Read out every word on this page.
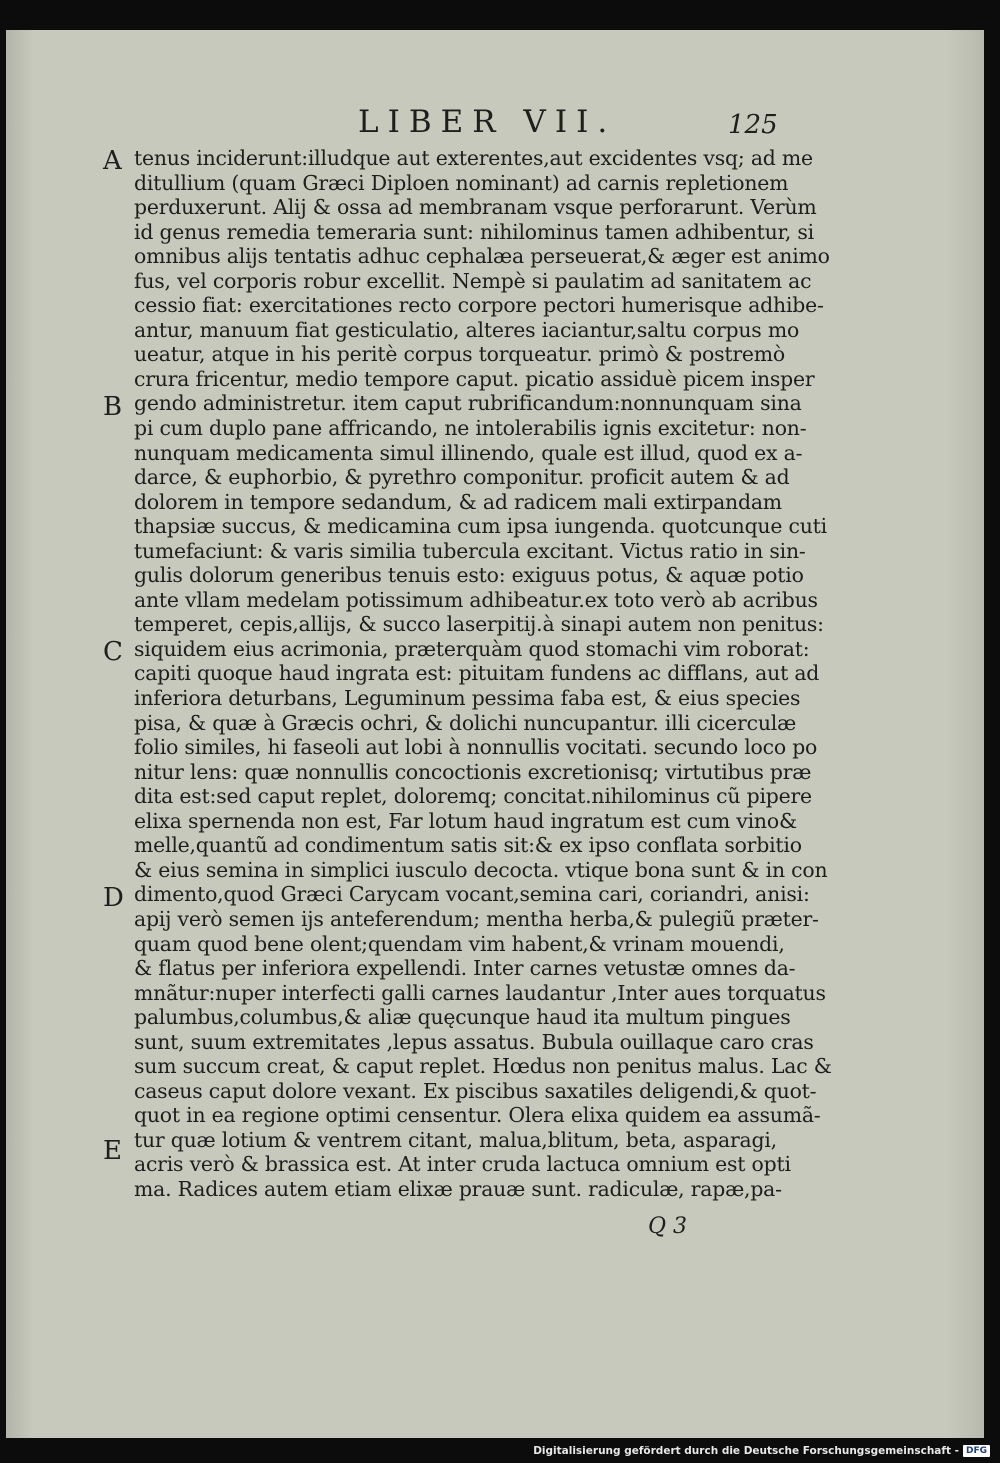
LIBER VII.	125
A
B
C
D
E
tenus inciderunt:illudque aut exterentes,aut excidentes vsq; ad me
ditullium (quam Græci Diploen nominant) ad carnis repletionem
perduxerunt. Alij & ossa ad membranam vsque perforarunt. Verùm
id genus remedia temeraria sunt: nihilominus tamen adhibentur, si
omnibus alijs tentatis adhuc cephalæa perseuerat,& æger est animo
fus, vel corporis robur excellit. Nempè si paulatim ad sanitatem ac
cessio fiat: exercitationes recto corpore pectori humerisque adhibe-
antur, manuum fiat gesticulatio, alteres iaciantur,saltu corpus mo
ueatur, atque in his peritè corpus torqueatur. primò & postremò
crura fricentur, medio tempore caput. picatio assiduè picem insper
gendo administretur. item caput rubrificandum:nonnunquam sina
pi cum duplo pane affricando, ne intolerabilis ignis excitetur: non-
nunquam medicamenta simul illinendo, quale est illud, quod ex a-
darce, & euphorbio, & pyrethro componitur. proficit autem & ad
dolorem in tempore sedandum, & ad radicem mali extirpandam
thapsiæ succus, & medicamina cum ipsa iungenda. quotcunque cuti
tumefaciunt: & varis similia tubercula excitant. Victus ratio in sin-
gulis dolorum generibus tenuis esto: exiguus potus, & aquæ potio
ante vllam medelam potissimum adhibeatur.ex toto verò ab acribus
temperet, cepis,allijs, & succo laserpitij.à sinapi autem non penitus:
siquidem eius acrimonia, præterquàm quod stomachi vim roborat:
capiti quoque haud ingrata est: pituitam fundens ac difflans, aut ad
inferiora deturbans, Leguminum pessima faba est, & eius species
pisa, & quæ à Græcis ochri, & dolichi nuncupantur. illi cicerculæ
folio similes, hi faseoli aut lobi à nonnullis vocitati. secundo loco po
nitur lens: quæ nonnullis concoctionis excretionisq; virtutibus præ
dita est:sed caput replet, doloremq; concitat.nihilominus cũ pipere
elixa spernenda non est, Far lotum haud ingratum est cum vino&
melle,quantũ ad condimentum satis sit:& ex ipso conflata sorbitio
& eius semina in simplici iusculo decocta. vtique bona sunt & in con
dimento,quod Græci Carycam vocant,semina cari, coriandri, anisi:
apij verò semen ijs anteferendum; mentha herba,& pulegiũ præter-
quam quod bene olent;quendam vim habent,& vrinam mouendi,
& flatus per inferiora expellendi. Inter carnes vetustæ omnes da-
mnãtur:nuper interfecti galli carnes laudantur ,Inter aues torquatus
palumbus,columbus,& aliæ quęcunque haud ita multum pingues
sunt, suum extremitates ,lepus assatus. Bubula ouillaque caro cras
sum succum creat, & caput replet. Hœdus non penitus malus. Lac &
caseus caput dolore vexant. Ex piscibus saxatiles deligendi,& quot-
quot in ea regione optimi censentur. Olera elixa quidem ea assumã-
tur quæ lotium & ventrem citant, malua,blitum, beta, asparagi,
acris verò & brassica est. At inter cruda lactuca omnium est opti
ma. Radices autem etiam elixæ prauæ sunt. radiculæ, rapæ,pa-
Q 3
Digitalisierung gefördert durch die Deutsche Forschungsgemeinschaft - DFG
